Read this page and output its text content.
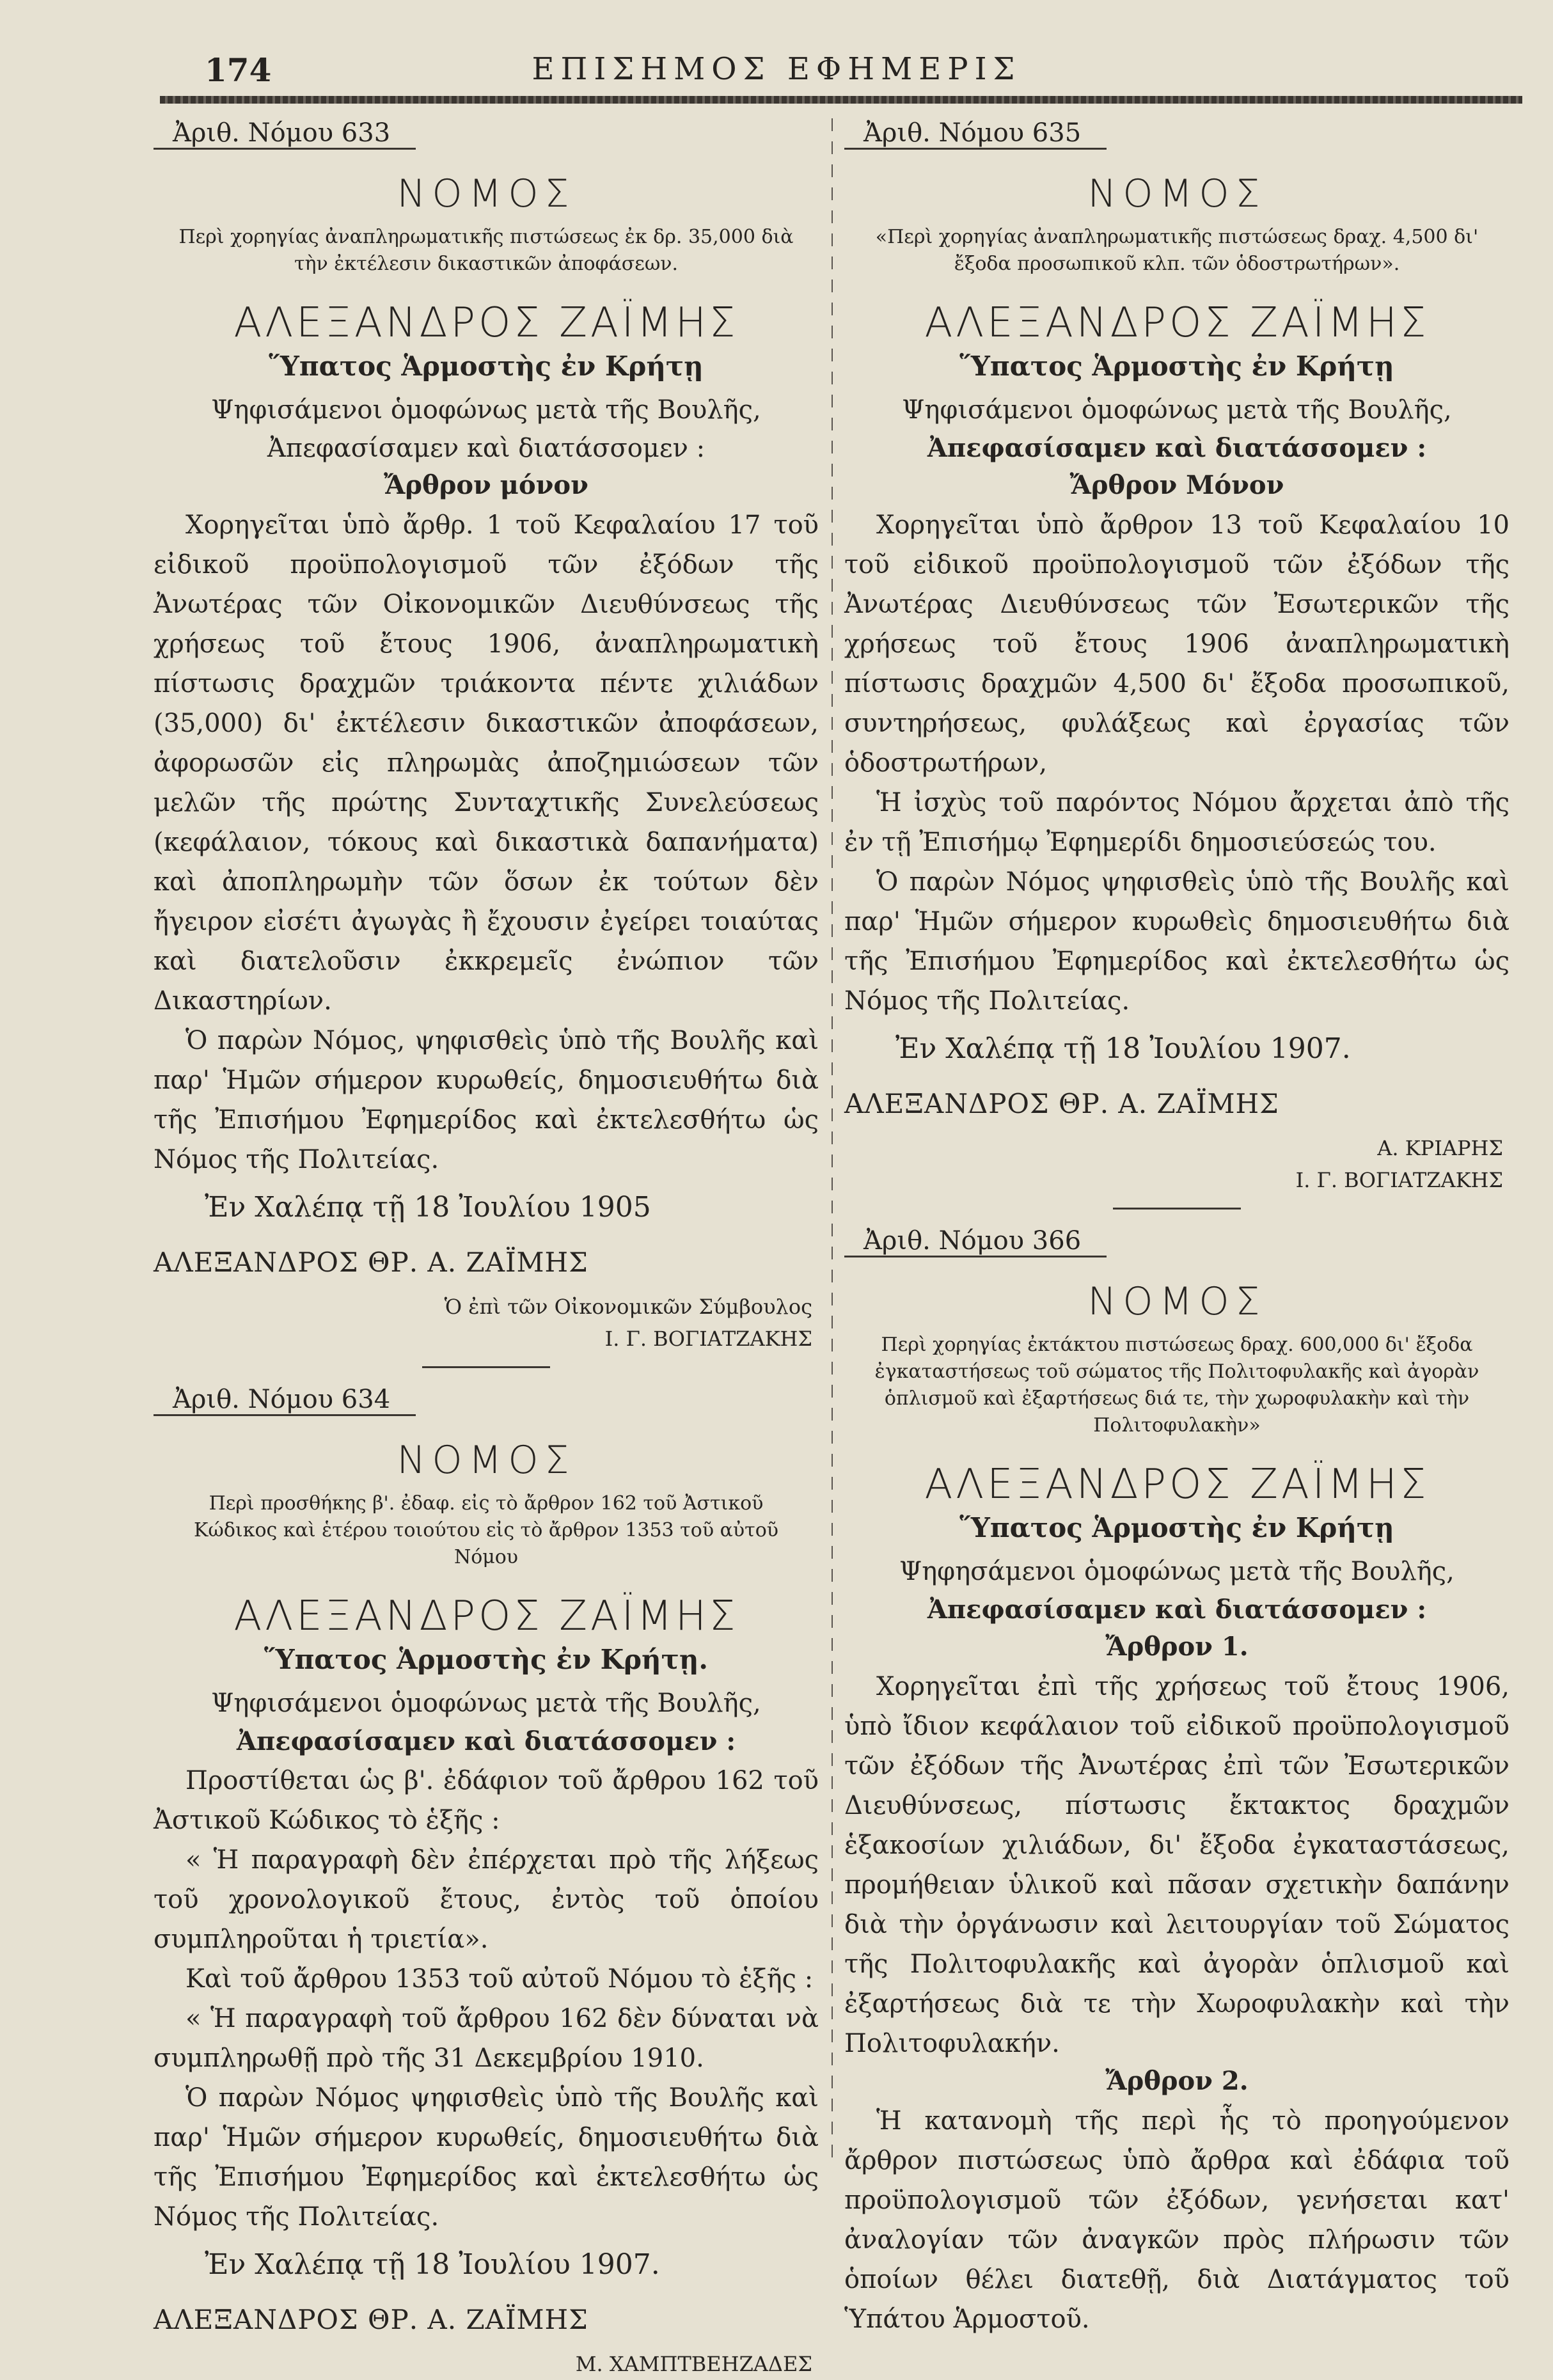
174	ΕΠΙΣΗΜΟΣ ΕΦΗΜΕΡΙΣ
Ἀριθ. Νόμου 633
ΝΟΜΟΣ
Περὶ χορηγίας ἀναπληρωματικῆς πιστώσεως ἐκ δρ. 35,000 διὰ τὴν ἐκτέλεσιν δικαστικῶν ἀποφάσεων.
ΑΛΕΞΑΝΔΡΟΣ ΖΑΪΜΗΣ
Ὕπατος Ἁρμοστὴς ἐν Κρήτῃ
Ψηφισάμενοι ὁμοφώνως μετὰ τῆς Βουλῆς,
Ἀπεφασίσαμεν καὶ διατάσσομεν :
Ἄρθρον μόνον

Χορηγεῖται ὑπὸ ἄρθρ. 1 τοῦ Κεφαλαίου 17 τοῦ εἰδικοῦ προϋπολογισμοῦ τῶν ἐξόδων τῆς Ἀνωτέρας τῶν Οἰκονομικῶν Διευθύνσεως τῆς χρήσεως τοῦ ἔτους 1906, ἀναπληρωματικὴ πίστωσις δραχμῶν τριάκοντα πέντε χιλιάδων (35,000) δι' ἐκτέλεσιν δικαστικῶν ἀποφάσεων, ἀφορωσῶν εἰς πληρωμὰς ἀποζημιώσεων τῶν μελῶν τῆς πρώτης Συνταχτικῆς Συνελεύσεως (κεφάλαιον, τόκους καὶ δικαστικὰ δαπανήματα) καὶ ἀποπληρωμὴν τῶν ὅσων ἐκ τούτων δὲν ἤγειρον εἰσέτι ἀγωγὰς ἢ ἔχουσιν ἐγείρει τοιαύτας καὶ διατελοῦσιν ἐκκρεμεῖς ἐνώπιον τῶν Δικαστηρίων.

Ὁ παρὼν Νόμος, ψηφισθεὶς ὑπὸ τῆς Βουλῆς καὶ παρ' Ἡμῶν σήμερον κυρωθείς, δημοσιευθήτω διὰ τῆς Ἐπισήμου Ἐφημερίδος καὶ ἐκτελεσθήτω ὡς Νόμος τῆς Πολιτείας.

Ἐν Χαλέπᾳ τῇ 18 Ἰουλίου 1905
ΑΛΕΞΑΝΔΡΟΣ ΘΡ. Α. ΖΑΪΜΗΣ
Ὁ ἐπὶ τῶν Οἰκονομικῶν Σύμβουλος
Ι. Γ. ΒΟΓΙΑΤΖΑΚΗΣ
Ἀριθ. Νόμου 634
ΝΟΜΟΣ
Περὶ προσθήκης β'. ἐδαφ. εἰς τὸ ἄρθρον 162 τοῦ Ἀστικοῦ Κώδικος καὶ ἑτέρου τοιούτου εἰς τὸ ἄρθρον 1353 τοῦ αὐτοῦ Νόμου
ΑΛΕΞΑΝΔΡΟΣ ΖΑΪΜΗΣ
Ὕπατος Ἁρμοστὴς ἐν Κρήτῃ.
Ψηφισάμενοι ὁμοφώνως μετὰ τῆς Βουλῆς,
Ἀπεφασίσαμεν καὶ διατάσσομεν :

Προστίθεται ὡς β'. ἐδάφιον τοῦ ἄρθρου 162 τοῦ Ἀστικοῦ Κώδικος τὸ ἑξῆς :

« Ἡ παραγραφὴ δὲν ἐπέρχεται πρὸ τῆς λήξεως τοῦ χρονολογικοῦ ἔτους, ἐντὸς τοῦ ὁποίου συμπληροῦται ἡ τριετία».

Καὶ τοῦ ἄρθρου 1353 τοῦ αὐτοῦ Νόμου τὸ ἑξῆς :

« Ἡ παραγραφὴ τοῦ ἄρθρου 162 δὲν δύναται νὰ συμπληρωθῇ πρὸ τῆς 31 Δεκεμβρίου 1910.

Ὁ παρὼν Νόμος ψηφισθεὶς ὑπὸ τῆς Βουλῆς καὶ παρ' Ἡμῶν σήμερον κυρωθείς, δημοσιευθήτω διὰ τῆς Ἐπισήμου Ἐφημερίδος καὶ ἐκτελεσθήτω ὡς Νόμος τῆς Πολιτείας.

Ἐν Χαλέπᾳ τῇ 18 Ἰουλίου 1907.
ΑΛΕΞΑΝΔΡΟΣ ΘΡ. Α. ΖΑΪΜΗΣ
Μ. ΧΑΜΠΤΒΕΗΖΑΔΕΣ
Ἀριθ. Νόμου 635
ΝΟΜΟΣ
«Περὶ χορηγίας ἀναπληρωματικῆς πιστώσεως δραχ. 4,500 δι' ἔξοδα προσωπικοῦ κλπ. τῶν ὁδοστρωτήρων».
ΑΛΕΞΑΝΔΡΟΣ ΖΑΪΜΗΣ
Ὕπατος Ἁρμοστὴς ἐν Κρήτῃ
Ψηφισάμενοι ὁμοφώνως μετὰ τῆς Βουλῆς,
Ἀπεφασίσαμεν καὶ διατάσσομεν :
Ἄρθρον Μόνον

Χορηγεῖται ὑπὸ ἄρθρον 13 τοῦ Κεφαλαίου 10 τοῦ εἰδικοῦ προϋπολογισμοῦ τῶν ἐξόδων τῆς Ἀνωτέρας Διευθύνσεως τῶν Ἐσωτερικῶν τῆς χρήσεως τοῦ ἔτους 1906 ἀναπληρωματικὴ πίστωσις δραχμῶν 4,500 δι' ἔξοδα προσωπικοῦ, συντηρήσεως, φυλάξεως καὶ ἐργασίας τῶν ὁδοστρωτήρων,

Ἡ ἰσχὺς τοῦ παρόντος Νόμου ἄρχεται ἀπὸ τῆς ἐν τῇ Ἐπισήμῳ Ἐφημερίδι δημοσιεύσεώς του.

Ὁ παρὼν Νόμος ψηφισθεὶς ὑπὸ τῆς Βουλῆς καὶ παρ' Ἡμῶν σήμερον κυρωθεὶς δημοσιευθήτω διὰ τῆς Ἐπισήμου Ἐφημερίδος καὶ ἐκτελεσθήτω ὡς Νόμος τῆς Πολιτείας.

Ἐν Χαλέπᾳ τῇ 18 Ἰουλίου 1907.
ΑΛΕΞΑΝΔΡΟΣ ΘΡ. Α. ΖΑΪΜΗΣ
Α. ΚΡΙΑΡΗΣ
Ι. Γ. ΒΟΓΙΑΤΖΑΚΗΣ
Ἀριθ. Νόμου 366
ΝΟΜΟΣ
Περὶ χορηγίας ἐκτάκτου πιστώσεως δραχ. 600,000 δι' ἔξοδα ἐγκαταστήσεως τοῦ σώματος τῆς Πολιτοφυλακῆς καὶ ἀγορὰν ὁπλισμοῦ καὶ ἐξαρτήσεως διά τε, τὴν χωροφυλακὴν καὶ τὴν Πολιτοφυλακὴν»
ΑΛΕΞΑΝΔΡΟΣ ΖΑΪΜΗΣ
Ὕπατος Ἁρμοστὴς ἐν Κρήτῃ
Ψηφησάμενοι ὁμοφώνως μετὰ τῆς Βουλῆς,
Ἀπεφασίσαμεν καὶ διατάσσομεν :
Ἄρθρον 1.

Χορηγεῖται ἐπὶ τῆς χρήσεως τοῦ ἔτους 1906, ὑπὸ ἴδιον κεφάλαιον τοῦ εἰδικοῦ προϋπολογισμοῦ τῶν ἐξόδων τῆς Ἀνωτέρας ἐπὶ τῶν Ἐσωτερικῶν Διευθύνσεως, πίστωσις ἔκτακτος δραχμῶν ἑξακοσίων χιλιάδων, δι' ἔξοδα ἐγκαταστάσεως, προμήθειαν ὑλικοῦ καὶ πᾶσαν σχετικὴν δαπάνην διὰ τὴν ὀργάνωσιν καὶ λειτουργίαν τοῦ Σώματος τῆς Πολιτοφυλακῆς καὶ ἀγορὰν ὁπλισμοῦ καὶ ἐξαρτήσεως διὰ τε τὴν Χωροφυλακὴν καὶ τὴν Πολιτοφυλακήν.

Ἄρθρον 2.

Ἡ κατανομὴ τῆς περὶ ἧς τὸ προηγούμενον ἄρθρον πιστώσεως ὑπὸ ἄρθρα καὶ ἐδάφια τοῦ προϋπολογισμοῦ τῶν ἐξόδων, γενήσεται κατ' ἀναλογίαν τῶν ἀναγκῶν πρὸς πλήρωσιν τῶν ὁποίων θέλει διατεθῇ, διὰ Διατάγματος τοῦ Ὑπάτου Ἁρμοστοῦ.
